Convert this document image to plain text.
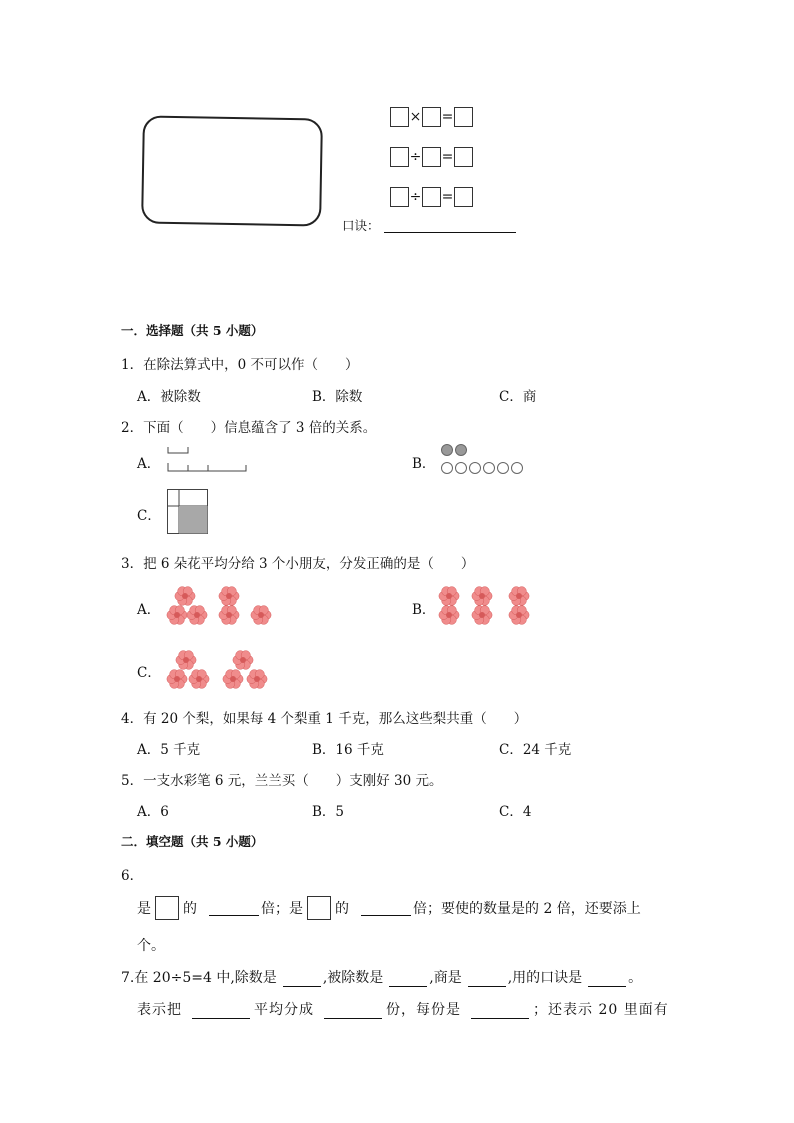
× =
÷ =
÷ =
口诀：
一．选择题（共 5 小题）
1．在除法算式中，0 不可以作（　　）
A．被除数	B．除数	C．商
2．下面（　　）信息蕴含了 3 倍的关系。
A．	B．
C．
3．把 6 朵花平均分给 3 个小朋友，分发正确的是（　　）
A．	B．
C．
4．有 20 个梨，如果每 4 个梨重 1 千克，那么这些梨共重（　　）
A．5 千克	B．16 千克	C．24 千克
5．一支水彩笔 6 元，兰兰买（　　）支刚好 30 元。
A．6	B．5	C．4
二．填空题（共 5 小题）
6．
是 的	倍；是 的	倍；要使的数量是的 2 倍，还要添上
个。
7.在 20÷5=4 中,除数是	,被除数是	,商是	,用的口诀是	。
表示把	平均分成	份，每份是	；还表示 20 里面有
